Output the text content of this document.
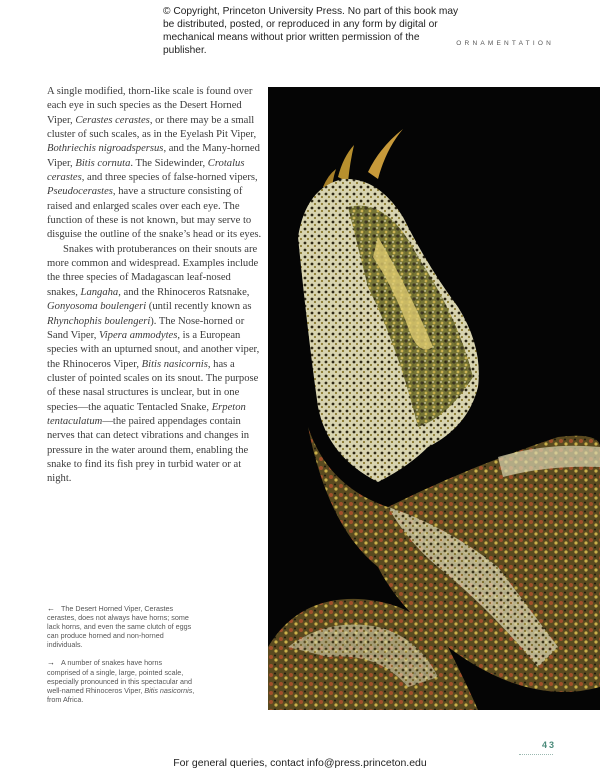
© Copyright, Princeton University Press. No part of this book may be distributed, posted, or reproduced in any form by digital or mechanical means without prior written permission of the publisher.
ORNAMENTATION

A single modified, thorn-like scale is found over each eye in such species as the Desert Horned Viper, Cerastes cerastes, or there may be a small cluster of such scales, as in the Eyelash Pit Viper, Bothriechis nigroadspersus, and the Many-horned Viper, Bitis cornuta. The Sidewinder, Crotalus cerastes, and three species of false-horned vipers, Pseudocerastes, have a structure consisting of raised and enlarged scales over each eye. The function of these is not known, but may serve to disguise the outline of the snake’s head or its eyes.

Snakes with protuberances on their snouts are more common and widespread. Examples include the three species of Madagascan leaf-nosed snakes, Langaha, and the Rhinoceros Ratsnake, Gonyosoma boulengeri (until recently known as Rhynchophis boulengeri). The Nose-horned or Sand Viper, Vipera ammodytes, is a European species with an upturned snout, and another viper, the Rhinoceros Viper, Bitis nasicornis, has a cluster of pointed scales on its snout. The purpose of these nasal structures is unclear, but in one species—the aquatic Tentacled Snake, Erpeton tentaculatum—the paired appendages contain nerves that can detect vibrations and changes in pressure in the water around them, enabling the snake to find its fish prey in turbid water or at night.

← The Desert Horned Viper, Cerastes cerastes, does not always have horns; some lack horns, and even the same clutch of eggs can produce horned and non-horned individuals.

→ A number of snakes have horns comprised of a single, large, pointed scale, especially pronounced in this spectacular and well-named Rhinoceros Viper, Bitis nasicornis, from Africa.

43
For general queries, contact info@press.princeton.edu
